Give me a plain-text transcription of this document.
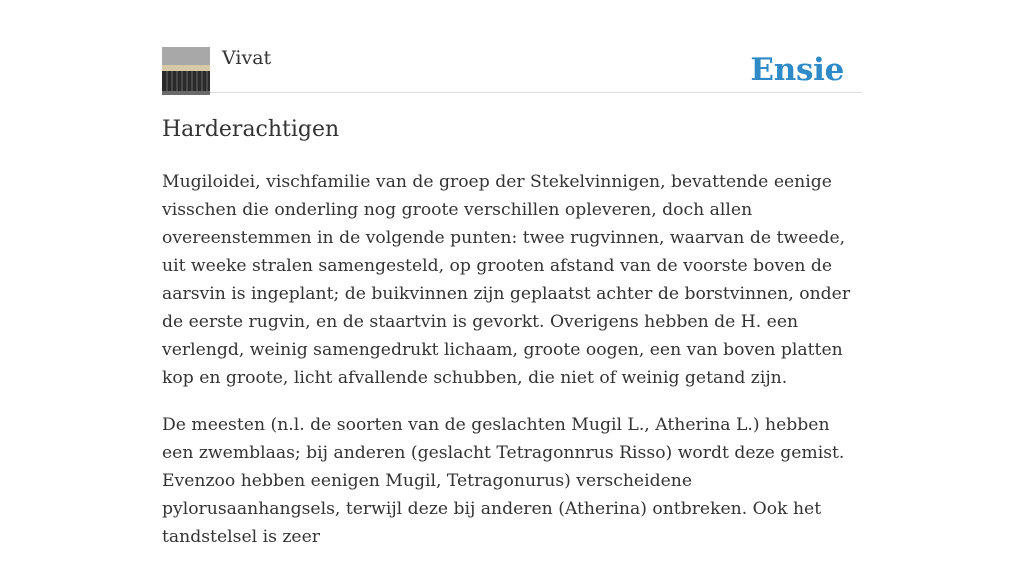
Vivat	Ensie
Harderachtigen

Mugiloidei, vischfamilie van de groep der Stekelvinnigen, bevattende eenige visschen die onderling nog groote verschillen opleveren, doch allen overeenstemmen in de volgende punten: twee rugvinnen, waarvan de tweede, uit weeke stralen samengesteld, op grooten afstand van de voorste boven de aarsvin is ingeplant; de buikvinnen zijn geplaatst achter de borstvinnen, onder de eerste rugvin, en de staartvin is gevorkt. Overigens hebben de H. een verlengd, weinig samengedrukt lichaam, groote oogen, een van boven platten kop en groote, licht afvallende schubben, die niet of weinig getand zijn.

De meesten (n.l. de soorten van de geslachten Mugil L., Atherina L.) hebben een zwemblaas; bij anderen (geslacht Tetragonnrus Risso) wordt deze gemist. Evenzoo hebben eenigen Mugil, Tetragonurus) verscheidene pylorusaanhangsels, terwijl deze bij anderen (Atherina) ontbreken. Ook het tandstelsel is zeer
